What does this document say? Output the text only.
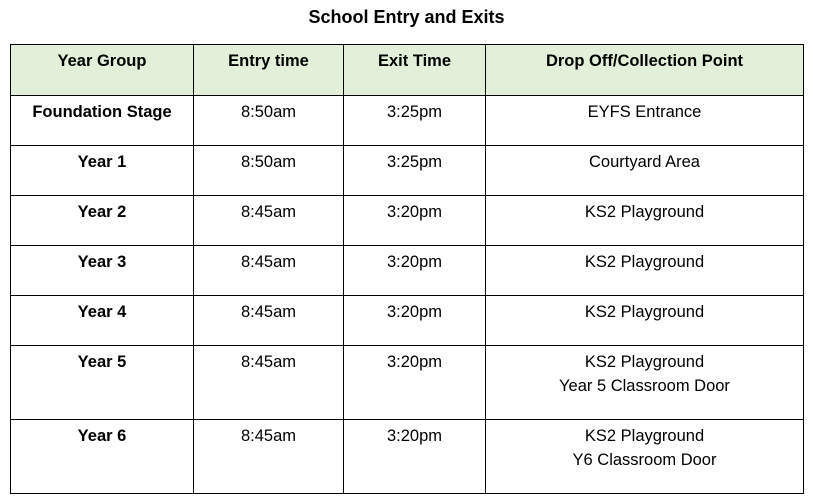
School Entry and Exits
Year Group	Entry time	Exit Time	Drop Off/Collection Point
Foundation Stage	8:50am	3:25pm	EYFS Entrance

Year 1	8:50am	3:25pm	Courtyard Area

Year 2	8:45am	3:20pm	KS2 Playground

Year 3	8:45am	3:20pm	KS2 Playground

Year 4	8:45am	3:20pm	KS2 Playground

Year 5	8:45am	3:20pm	KS2 Playground
Year 5 Classroom Door

Year 6	8:45am	3:20pm	KS2 Playground
Y6 Classroom Door
